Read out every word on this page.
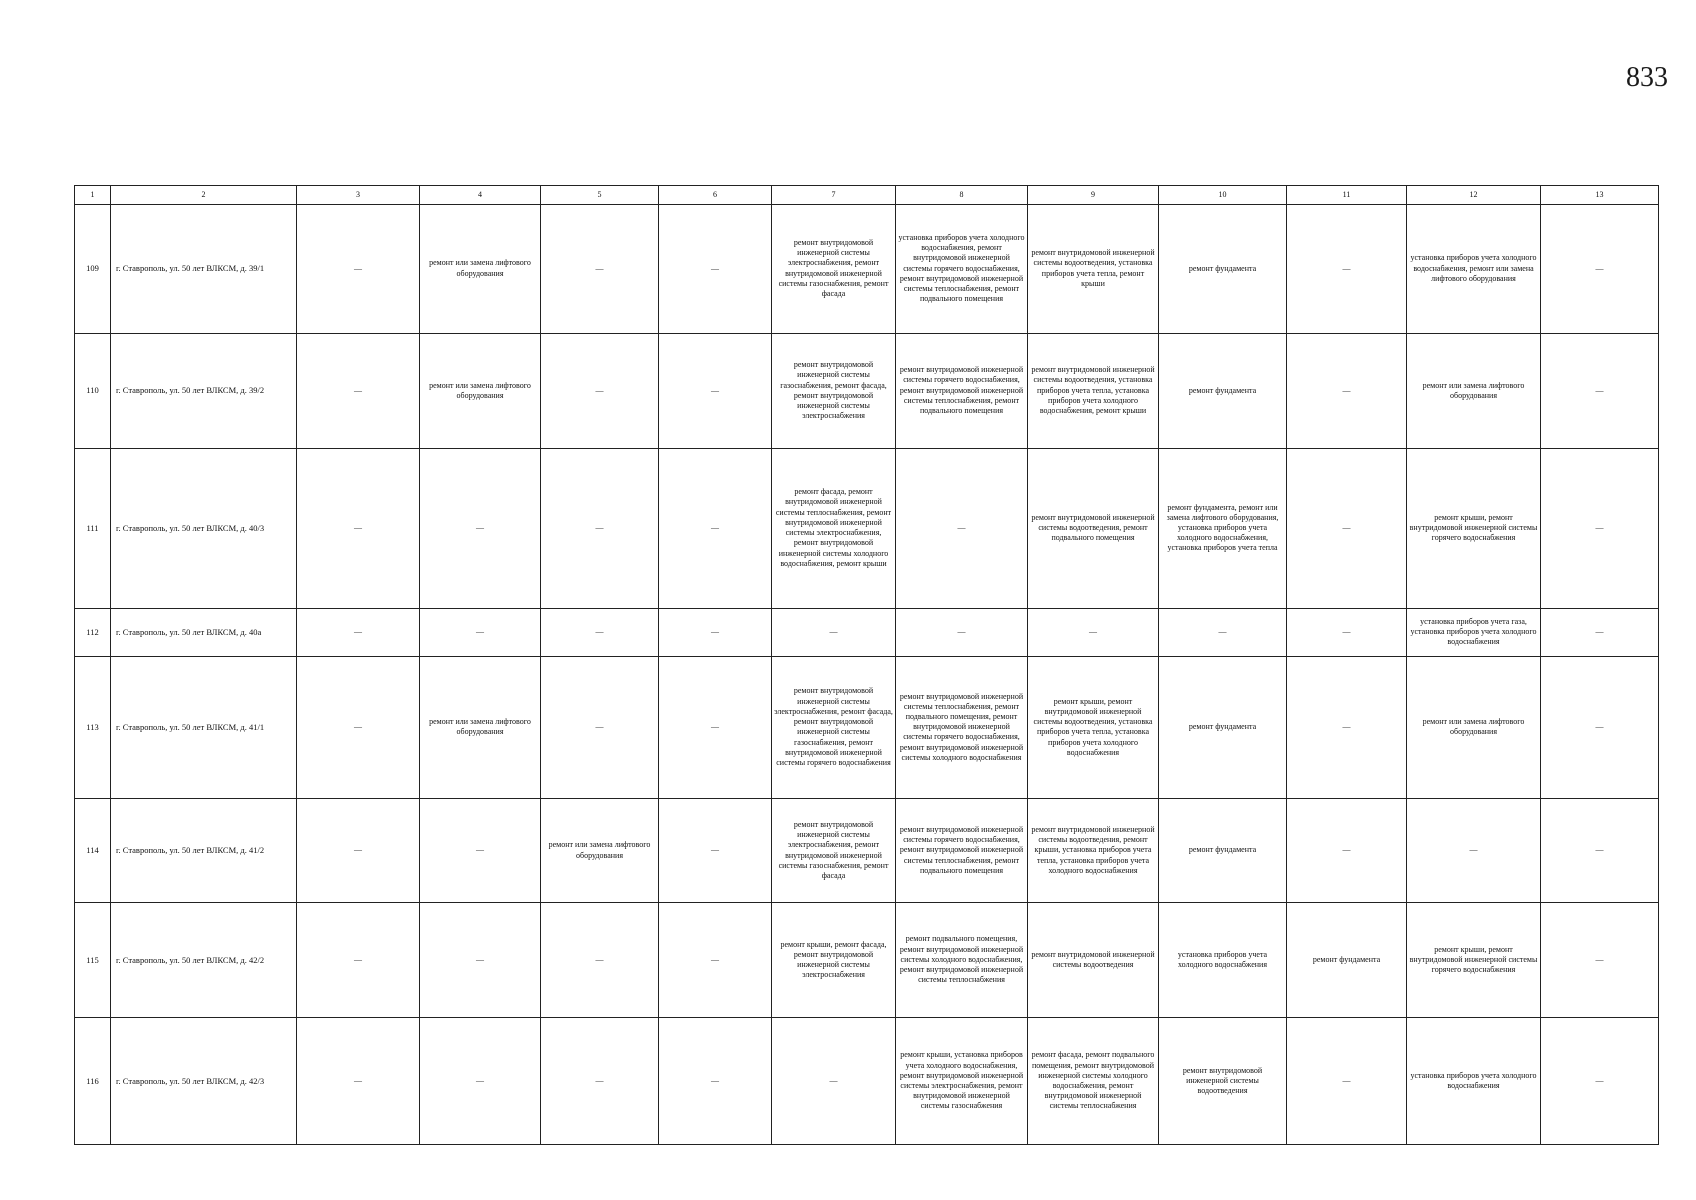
833
1	2	3	4	5	6	7	8	9	10	11	12	13
109	г. Ставрополь, ул. 50 лет ВЛКСМ, д. 39/1	—	ремонт или замена лифтового оборудования	—	—	ремонт внутридомовой инженерной системы электроснабжения, ремонт внутридомовой инженерной системы газоснабжения, ремонт фасада	установка приборов учета холодного водоснабжения, ремонт внутридомовой инженерной системы горячего водоснабжения, ремонт внутридомовой инженерной системы теплоснабжения, ремонт подвального помещения	ремонт внутридомовой инженерной системы водоотведения, установка приборов учета тепла, ремонт крыши	ремонт фундамента	—	установка приборов учета холодного водоснабжения, ремонт или замена лифтового оборудования	—
110	г. Ставрополь, ул. 50 лет ВЛКСМ, д. 39/2	—	ремонт или замена лифтового оборудования	—	—	ремонт внутридомовой инженерной системы газоснабжения, ремонт фасада, ремонт внутридомовой инженерной системы электроснабжения	ремонт внутридомовой инженерной системы горячего водоснабжения, ремонт внутридомовой инженерной системы теплоснабжения, ремонт подвального помещения	ремонт внутридомовой инженерной системы водоотведения, установка приборов учета тепла, установка приборов учета холодного водоснабжения, ремонт крыши	ремонт фундамента	—	ремонт или замена лифтового оборудования	—
111	г. Ставрополь, ул. 50 лет ВЛКСМ, д. 40/3	—	—	—	—	ремонт фасада, ремонт внутридомовой инженерной системы теплоснабжения, ремонт внутридомовой инженерной системы электроснабжения, ремонт внутридомовой инженерной системы холодного водоснабжения, ремонт крыши	—	ремонт внутридомовой инженерной системы водоотведения, ремонт подвального помещения	ремонт фундамента, ремонт или замена лифтового оборудования, установка приборов учета холодного водоснабжения, установка приборов учета тепла	—	ремонт крыши, ремонт внутридомовой инженерной системы горячего водоснабжения	—
112	г. Ставрополь, ул. 50 лет ВЛКСМ, д. 40а	—	—	—	—	—	—	—	—	—	установка приборов учета газа, установка приборов учета холодного водоснабжения	—
113	г. Ставрополь, ул. 50 лет ВЛКСМ, д. 41/1	—	ремонт или замена лифтового оборудования	—	—	ремонт внутридомовой инженерной системы электроснабжения, ремонт фасада, ремонт внутридомовой инженерной системы газоснабжения, ремонт внутридомовой инженерной системы горячего водоснабжения	ремонт внутридомовой инженерной системы теплоснабжения, ремонт подвального помещения, ремонт внутридомовой инженерной системы горячего водоснабжения, ремонт внутридомовой инженерной системы холодного водоснабжения	ремонт крыши, ремонт внутридомовой инженерной системы водоотведения, установка приборов учета тепла, установка приборов учета холодного водоснабжения	ремонт фундамента	—	ремонт или замена лифтового оборудования	—
114	г. Ставрополь, ул. 50 лет ВЛКСМ, д. 41/2	—	—	ремонт или замена лифтового оборудования	—	ремонт внутридомовой инженерной системы электроснабжения, ремонт внутридомовой инженерной системы газоснабжения, ремонт фасада	ремонт внутридомовой инженерной системы горячего водоснабжения, ремонт внутридомовой инженерной системы теплоснабжения, ремонт подвального помещения	ремонт внутридомовой инженерной системы водоотведения, ремонт крыши, установка приборов учета тепла, установка приборов учета холодного водоснабжения	ремонт фундамента	—	—	—
115	г. Ставрополь, ул. 50 лет ВЛКСМ, д. 42/2	—	—	—	—	ремонт крыши, ремонт фасада, ремонт внутридомовой инженерной системы электроснабжения	ремонт подвального помещения, ремонт внутридомовой инженерной системы холодного водоснабжения, ремонт внутридомовой инженерной системы теплоснабжения	ремонт внутридомовой инженерной системы водоотведения	установка приборов учета холодного водоснабжения	ремонт фундамента	ремонт крыши, ремонт внутридомовой инженерной системы горячего водоснабжения	—
116	г. Ставрополь, ул. 50 лет ВЛКСМ, д. 42/3	—	—	—	—	—	ремонт крыши, установка приборов учета холодного водоснабжения, ремонт внутридомовой инженерной системы электроснабжения, ремонт внутридомовой инженерной системы газоснабжения	ремонт фасада, ремонт подвального помещения, ремонт внутридомовой инженерной системы холодного водоснабжения, ремонт внутридомовой инженерной системы теплоснабжения	ремонт внутридомовой инженерной системы водоотведения	—	установка приборов учета холодного водоснабжения	—
